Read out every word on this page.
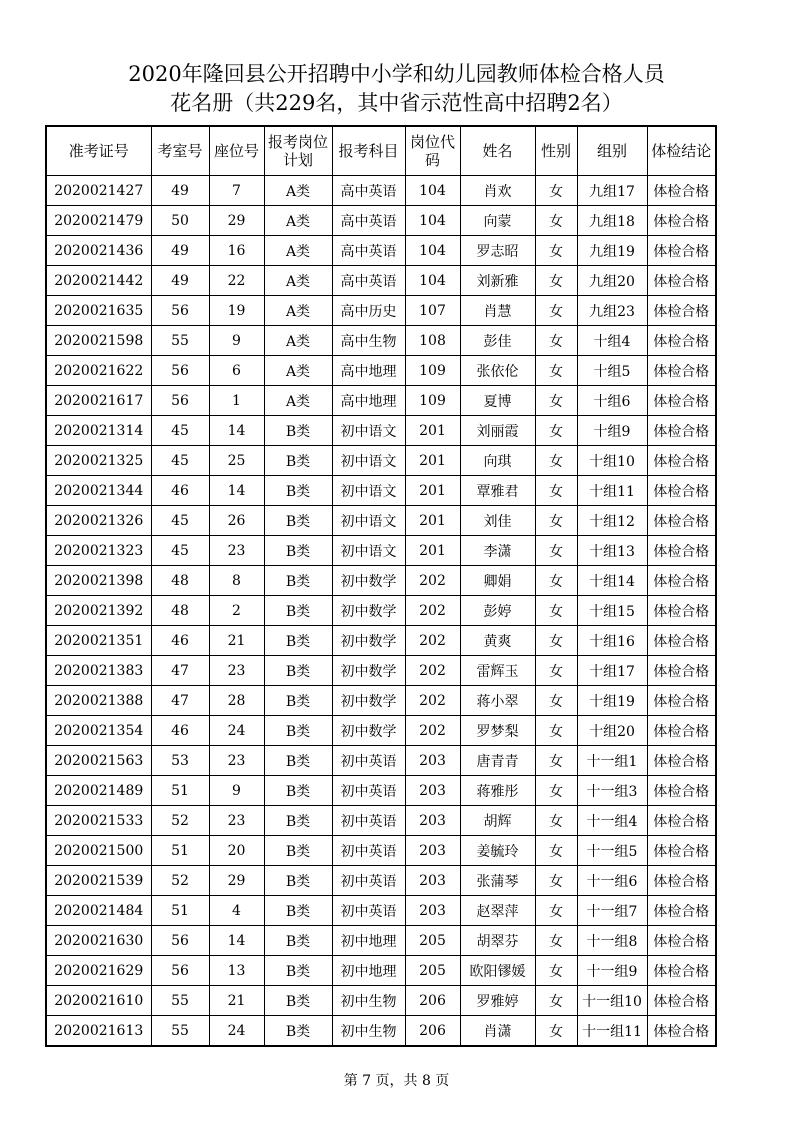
2020年隆回县公开招聘中小学和幼儿园教师体检合格人员
花名册（共229名，其中省示范性高中招聘2名）
准考证号	考室号	座位号	报考岗位计划	报考科目	岗位代码	姓名	性别	组别	体检结论
2020021427	49	7	A类	高中英语	104	肖欢	女	九组17	体检合格
2020021479	50	29	A类	高中英语	104	向蒙	女	九组18	体检合格
2020021436	49	16	A类	高中英语	104	罗志昭	女	九组19	体检合格
2020021442	49	22	A类	高中英语	104	刘新雅	女	九组20	体检合格
2020021635	56	19	A类	高中历史	107	肖慧	女	九组23	体检合格
2020021598	55	9	A类	高中生物	108	彭佳	女	十组4	体检合格
2020021622	56	6	A类	高中地理	109	张依伦	女	十组5	体检合格
2020021617	56	1	A类	高中地理	109	夏博	女	十组6	体检合格
2020021314	45	14	B类	初中语文	201	刘丽霞	女	十组9	体检合格
2020021325	45	25	B类	初中语文	201	向琪	女	十组10	体检合格
2020021344	46	14	B类	初中语文	201	覃雅君	女	十组11	体检合格
2020021326	45	26	B类	初中语文	201	刘佳	女	十组12	体检合格
2020021323	45	23	B类	初中语文	201	李潇	女	十组13	体检合格
2020021398	48	8	B类	初中数学	202	卿娟	女	十组14	体检合格
2020021392	48	2	B类	初中数学	202	彭婷	女	十组15	体检合格
2020021351	46	21	B类	初中数学	202	黄爽	女	十组16	体检合格
2020021383	47	23	B类	初中数学	202	雷辉玉	女	十组17	体检合格
2020021388	47	28	B类	初中数学	202	蒋小翠	女	十组19	体检合格
2020021354	46	24	B类	初中数学	202	罗梦梨	女	十组20	体检合格
2020021563	53	23	B类	初中英语	203	唐青青	女	十一组1	体检合格
2020021489	51	9	B类	初中英语	203	蒋雅彤	女	十一组3	体检合格
2020021533	52	23	B类	初中英语	203	胡辉	女	十一组4	体检合格
2020021500	51	20	B类	初中英语	203	姜毓玲	女	十一组5	体检合格
2020021539	52	29	B类	初中英语	203	张蒲琴	女	十一组6	体检合格
2020021484	51	4	B类	初中英语	203	赵翠萍	女	十一组7	体检合格
2020021630	56	14	B类	初中地理	205	胡翠芬	女	十一组8	体检合格
2020021629	56	13	B类	初中地理	205	欧阳镠媛	女	十一组9	体检合格
2020021610	55	21	B类	初中生物	206	罗雅婷	女	十一组10	体检合格
2020021613	55	24	B类	初中生物	206	肖潇	女	十一组11	体检合格
第 7 页，共 8 页
